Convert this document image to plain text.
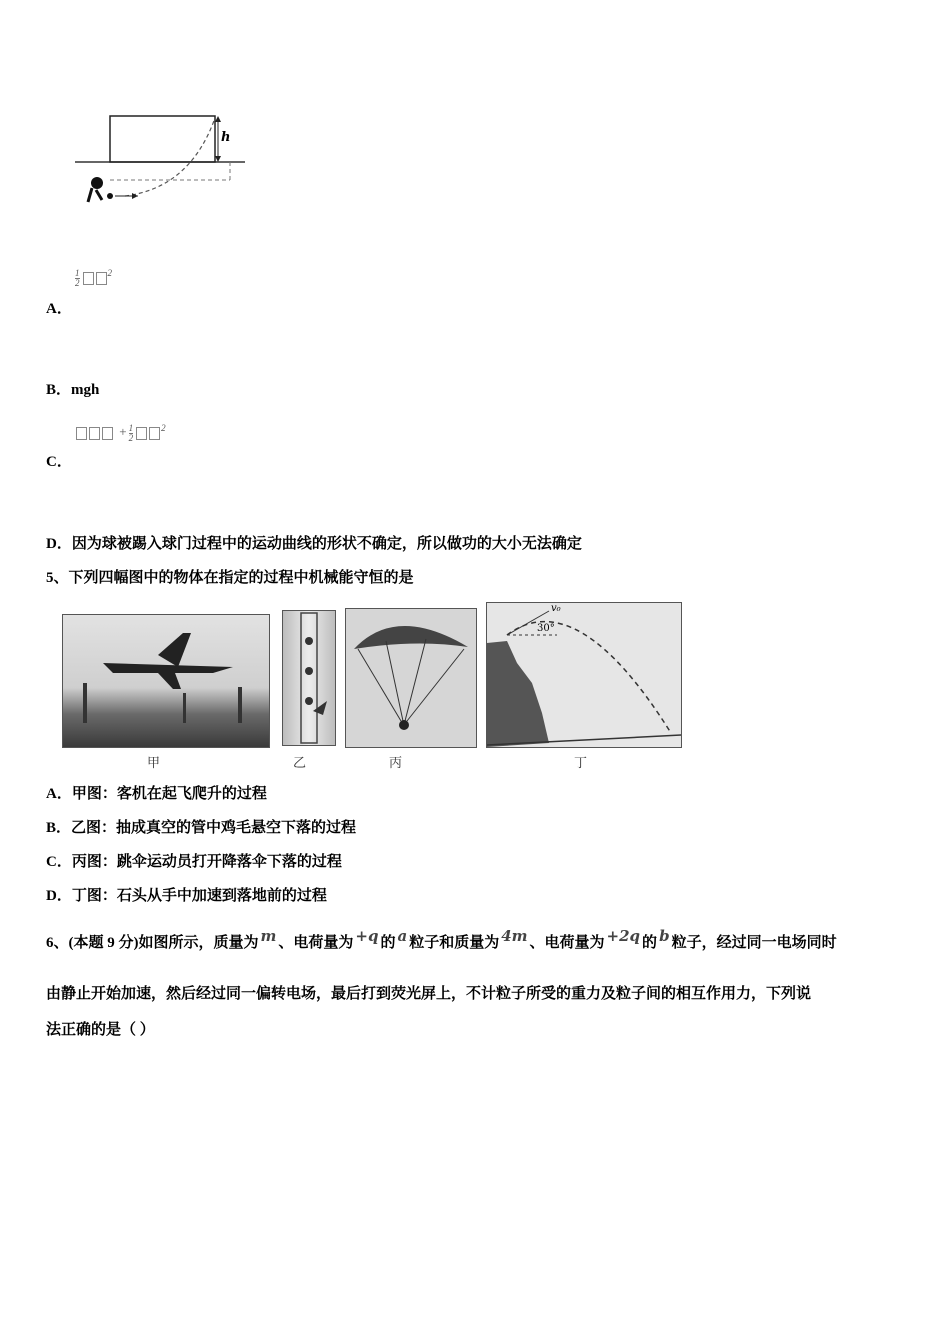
h
$\frac{1}{2}$	$^2$
A．
B．mgh
+ $\frac{1}{2}$	$^2$
C．
D．因为球被踢入球门过程中的运动曲线的形状不确定，所以做功的大小无法确定
5、下列四幅图中的物体在指定的过程中机械能守恒的是
30°
v₀
甲	乙	丙	丁
A．甲图：客机在起飞爬升的过程
B．乙图：抽成真空的管中鸡毛悬空下落的过程
C．丙图：跳伞运动员打开降落伞下落的过程
D．丁图：石头从手中加速到落地前的过程
6、(本题 9 分)如图所示，质量为 m 、电荷量为 +q 的 a 粒子和质量为 4m 、电荷量为 +2q 的 b 粒子，经过同一电场同时
由静止开始加速，然后经过同一偏转电场，最后打到荧光屏上，不计粒子所受的重力及粒子间的相互作用力，下列说
法正确的是（ ）
